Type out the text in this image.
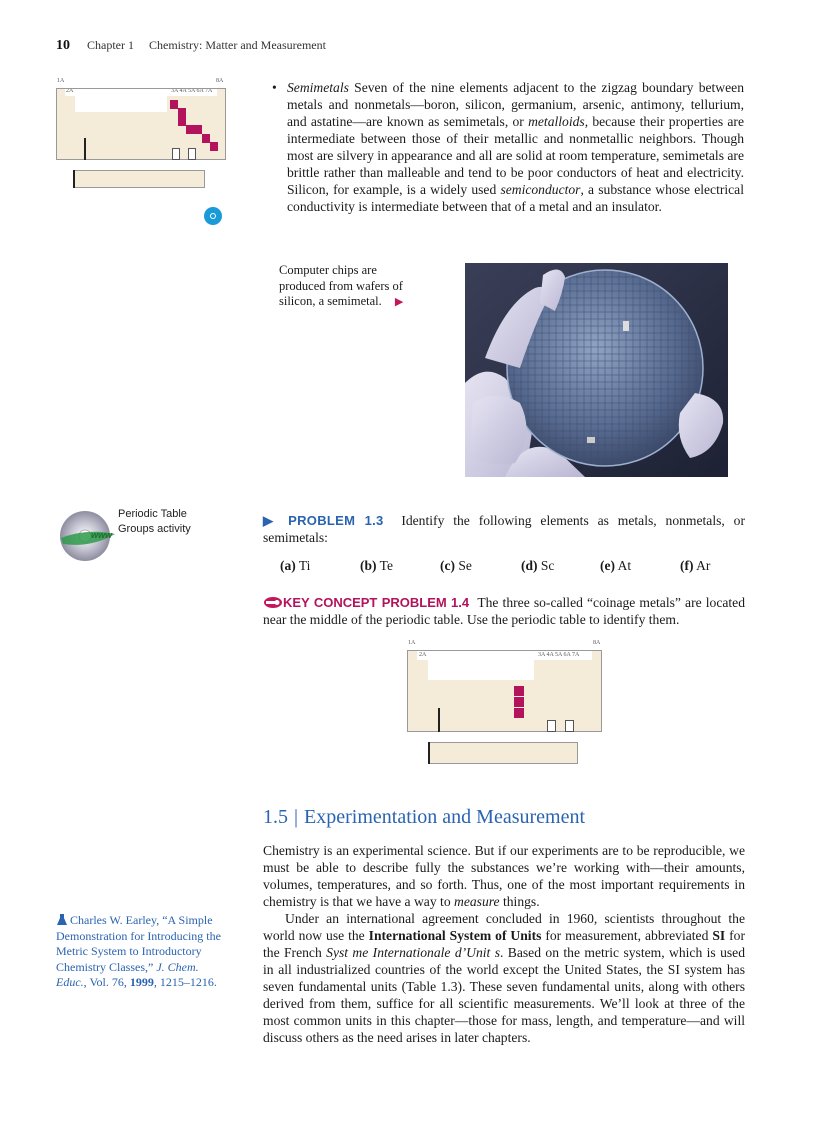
10 Chapter 1 Chemistry: Matter and Measurement
1A
2A
8A
3A 4A 5A 6A 7A	• Semimetals Seven of the nine elements adjacent to the zigzag boundary between metals and nonmetals—boron, silicon, germanium, arsenic, antimony, tellurium, and astatine—are known as semimetals, or metalloids, because their properties are intermediate between those of their metallic and nonmetallic neighbors. Though most are silvery in appearance and all are solid at room temperature, semimetals are brittle rather than malleable and tend to be poor conductors of heat and electricity. Silicon, for example, is a widely used semiconductor, a substance whose electrical conductivity is intermediate between that of a metal and an insulator.

Computer chips are produced from wafers of silicon, a semimetal. ▶
www
Periodic Table
Groups activity

▶ PROBLEM 1.3 Identify the following elements as metals, nonmetals, or semimetals:

(a) Ti	(b) Te	(c) Se	(d) Sc	(e) At	(f) Ar

KEY CONCEPT PROBLEM 1.4 The three so-called “coinage metals” are located near the middle of the periodic table. Use the periodic table to identify them.

1A
2A
8A
3A 4A 5A 6A 7A
1.5 | Experimentation and Measurement

Chemistry is an experimental science. But if our experiments are to be reproducible, we must be able to describe fully the substances we’re working with—their amounts, volumes, temperatures, and so forth. Thus, one of the most important requirements in chemistry is that we have a way to measure things.

Under an international agreement concluded in 1960, scientists throughout the world now use the International System of Units for measurement, abbreviated SI for the French Syst me Internationale d’Unit s. Based on the metric system, which is used in all industrialized countries of the world except the United States, the SI system has seven fundamental units (Table 1.3). These seven fundamental units, along with others derived from them, suffice for all scientific measurements. We’ll look at three of the most common units in this chapter—those for mass, length, and temperature—and will discuss others as the need arises in later chapters.

Charles W. Earley, “A Simple Demonstration for Introducing the Metric System to Introductory Chemistry Classes,” J. Chem. Educ., Vol. 76, 1999, 1215–1216.
